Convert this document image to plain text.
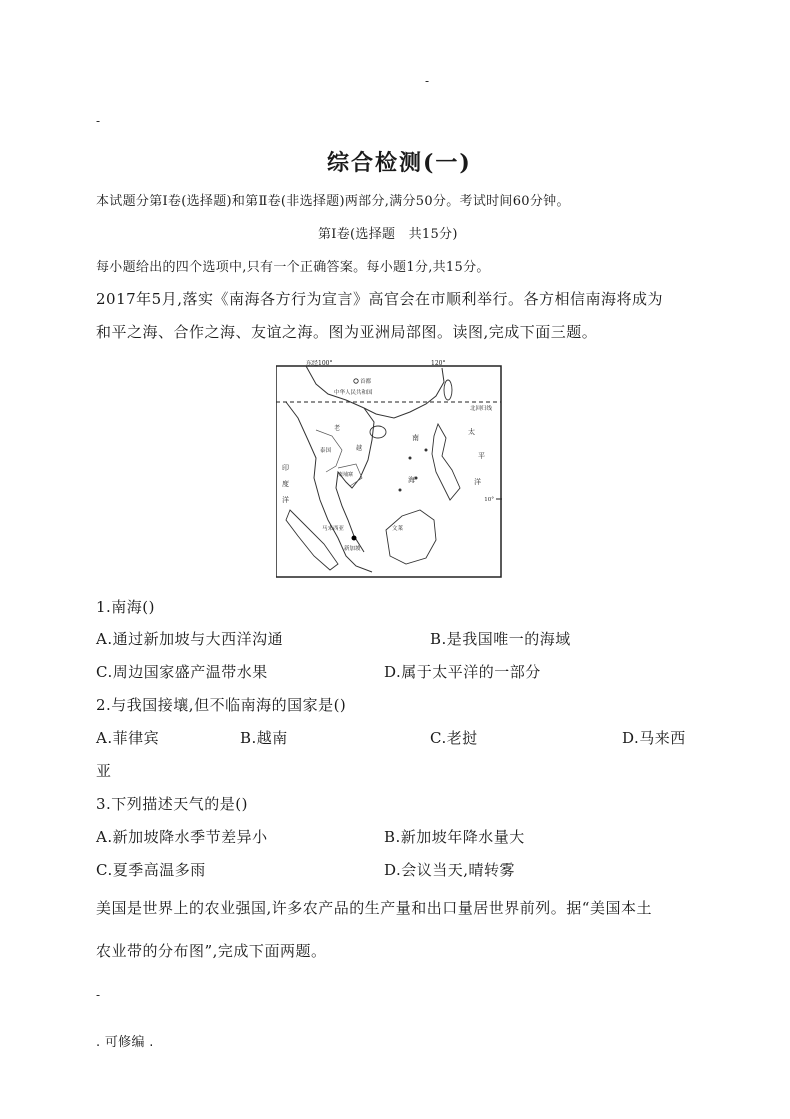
-
-
综合检测(一)
本试题分第Ⅰ卷(选择题)和第Ⅱ卷(非选择题)两部分,满分50分。考试时间60分钟。
第Ⅰ卷(选择题　共15分)
每小题给出的四个选项中,只有一个正确答案。每小题1分,共15分。
2017年5月,落实《南海各方行为宣言》高官会在市顺利举行。各方相信南海将成为
和平之海、合作之海、友谊之海。图为亚洲局部图。读图,完成下面三题。
东经100°	120°
首都
中华人民共和国
北回归线
10°
南
海
太
平
洋
印
度
洋
泰国
柬埔寨
老
越
马来西亚
新加坡
文莱
1.南海()
A.通过新加坡与大西洋沟通	B.是我国唯一的海域
C.周边国家盛产温带水果	D.属于太平洋的一部分
2.与我国接壤,但不临南海的国家是()
A.菲律宾	B.越南	C.老挝	D.马来西
亚
3.下列描述天气的是()
A.新加坡降水季节差异小	B.新加坡年降水量大
C.夏季高温多雨	D.会议当天,晴转雾
美国是世界上的农业强国,许多农产品的生产量和出口量居世界前列。据“美国本土
农业带的分布图”,完成下面两题。
-
. 可修编 .
